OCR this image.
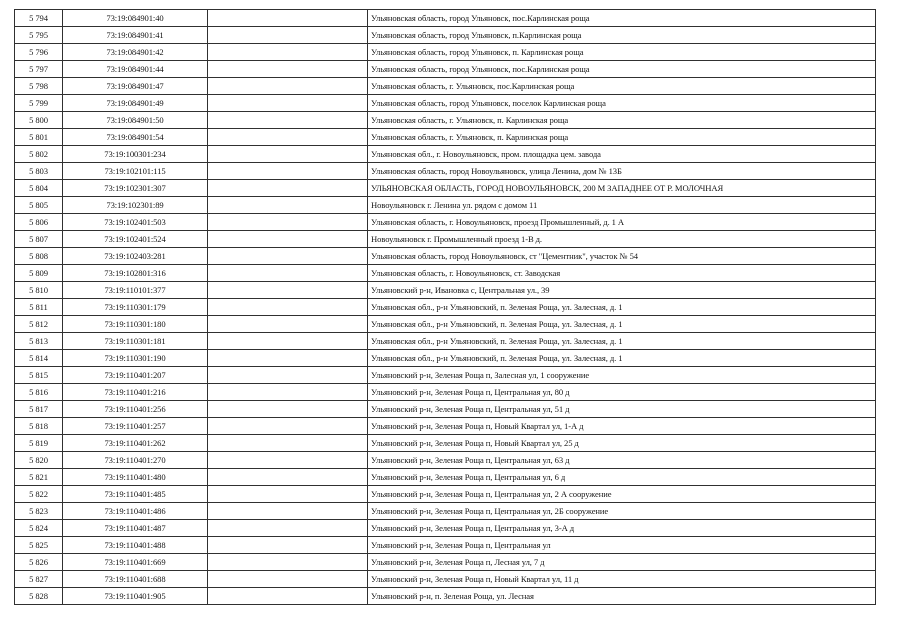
5 794	73:19:084901:40		Ульяновская область, город Ульяновск, пос.Карлинская роща
5 795	73:19:084901:41		Ульяновская область, город Ульяновск, п.Карлинская роща
5 796	73:19:084901:42		Ульяновская область, город Ульяновск, п. Карлинская роща
5 797	73:19:084901:44		Ульяновская область, город Ульяновск, пос.Карлинская роща
5 798	73:19:084901:47		Ульяновская область, г. Ульяновск, пос.Карлинская роща
5 799	73:19:084901:49		Ульяновская область, город Ульяновск, поселок Карлинская роща
5 800	73:19:084901:50		Ульяновская область, г. Ульяновск, п. Карлинская роща
5 801	73:19:084901:54		Ульяновская область, г. Ульяновск, п. Карлинская роща
5 802	73:19:100301:234		Ульяновская обл., г. Новоульяновск, пром. площадка цем. завода
5 803	73:19:102101:115		Ульяновская область, город Новоульяновск, улица Ленина, дом № 13Б
5 804	73:19:102301:307		УЛЬЯНОВСКАЯ ОБЛАСТЬ, ГОРОД НОВОУЛЬЯНОВСК, 200 М ЗАПАДНЕЕ ОТ Р. МОЛОЧНАЯ
5 805	73:19:102301:89		Новоульяновск г. Ленина ул. рядом с домом 11
5 806	73:19:102401:503		Ульяновская область, г. Новоульяновск, проезд Промышленный, д. 1 А
5 807	73:19:102401:524		Новоульяновск г. Промышленный проезд 1-В д.
5 808	73:19:102403:281		Ульяновская область, город Новоульяновск, ст "Цементник", участок № 54
5 809	73:19:102801:316		Ульяновская область, г. Новоульяновск, ст. Заводская
5 810	73:19:110101:377		Ульяновский р-н, Ивановка с, Центральная ул., 39
5 811	73:19:110301:179		Ульяновская обл., р-н Ульяновский, п. Зеленая Роща, ул. Залесная, д. 1
5 812	73:19:110301:180		Ульяновская обл., р-н Ульяновский, п. Зеленая Роща, ул. Залесная, д. 1
5 813	73:19:110301:181		Ульяновская обл., р-н Ульяновский, п. Зеленая Роща, ул. Залесная, д. 1
5 814	73:19:110301:190		Ульяновская обл., р-н Ульяновский, п. Зеленая Роща, ул. Залесная, д. 1
5 815	73:19:110401:207		Ульяновский р-н, Зеленая Роща п, Залесная ул, 1 сооружение
5 816	73:19:110401:216		Ульяновский р-н, Зеленая Роща п, Центральная ул, 80 д
5 817	73:19:110401:256		Ульяновский р-н, Зеленая Роща п, Центральная ул, 51 д
5 818	73:19:110401:257		Ульяновский р-н, Зеленая Роща п, Новый Квартал ул, 1-А д
5 819	73:19:110401:262		Ульяновский р-н, Зеленая Роща п, Новый Квартал ул, 25 д
5 820	73:19:110401:270		Ульяновский р-н, Зеленая Роща п, Центральная ул, 63 д
5 821	73:19:110401:480		Ульяновский р-н, Зеленая Роща п, Центральная ул, 6 д
5 822	73:19:110401:485		Ульяновский р-н, Зеленая Роща п, Центральная ул, 2 А сооружение
5 823	73:19:110401:486		Ульяновский р-н, Зеленая Роща п, Центральная ул, 2Б сооружение
5 824	73:19:110401:487		Ульяновский р-н, Зеленая Роща п, Центральная ул, 3-А д
5 825	73:19:110401:488		Ульяновский р-н, Зеленая Роща п, Центральная ул
5 826	73:19:110401:669		Ульяновский р-н, Зеленая Роща п, Лесная ул, 7 д
5 827	73:19:110401:688		Ульяновский р-н, Зеленая Роща п, Новый Квартал ул, 11 д
5 828	73:19:110401:905		Ульяновский р-н, п. Зеленая Роща, ул. Лесная
